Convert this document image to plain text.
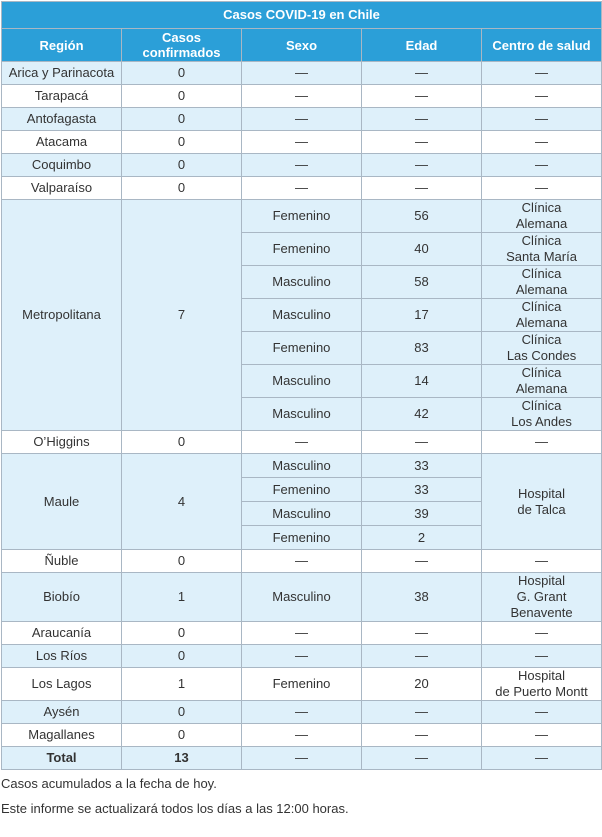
Casos COVID-19 en Chile				
Región	Casos confirmados	Sexo	Edad	Centro de salud
Arica y Parinacota	0	—	—	—
Tarapacá	0	—	—	—
Antofagasta	0	—	—	—
Atacama	0	—	—	—
Coquimbo	0	—	—	—
Valparaíso	0	—	—	—
Metropolitana	7	Femenino	56	Clínica
Alemana
		Femenino	40	Clínica
Santa María
		Masculino	58	Clínica
Alemana
		Masculino	17	Clínica
Alemana
		Femenino	83	Clínica
Las Condes
		Masculino	14	Clínica
Alemana
		Masculino	42	Clínica
Los Andes
O’Higgins	0	—	—	—
Maule	4	Masculino	33	Hospital
de Talca
		Femenino	33	
		Masculino	39	
		Femenino	2	
Ñuble	0	—	—	—
Biobío	1	Masculino	38	Hospital
G. Grant
Benavente
Araucanía	0	—	—	—
Los Ríos	0	—	—	—
Los Lagos	1	Femenino	20	Hospital
de Puerto Montt
Aysén	0	—	—	—
Magallanes	0	—	—	—
Total	13	—	—	—

Casos acumulados a la fecha de hoy.

Este informe se actualizará todos los días a las 12:00 horas.
